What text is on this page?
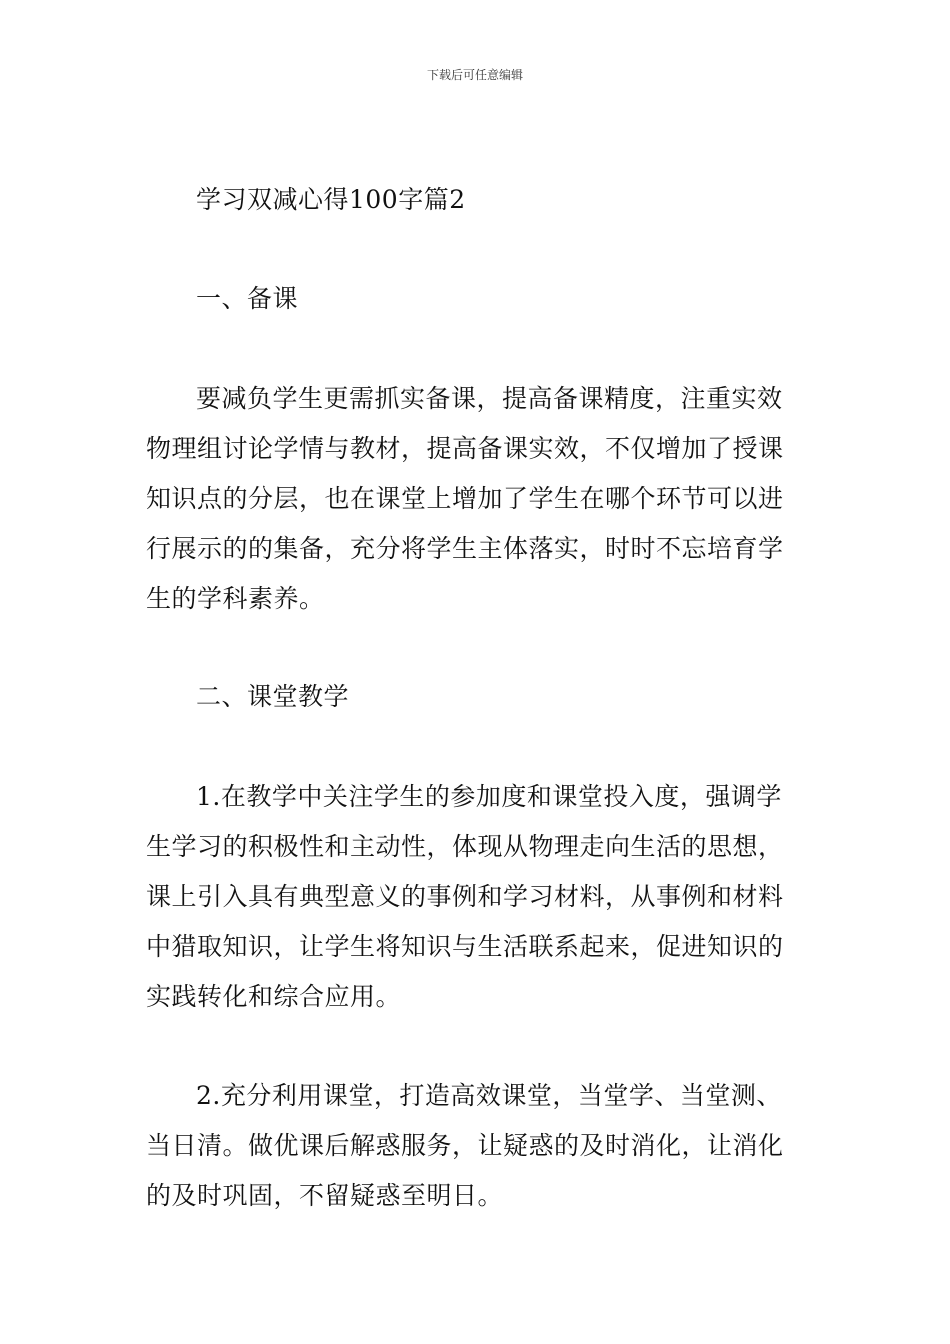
下载后可任意编辑
学习双减心得100字篇2
一、备课
要减负学生更需抓实备课，提高备课精度，注重实效
物理组讨论学情与教材，提高备课实效，不仅增加了授课
知识点的分层，也在课堂上增加了学生在哪个环节可以进
行展示的的集备，充分将学生主体落实，时时不忘培育学
生的学科素养。
二、课堂教学
1.在教学中关注学生的参加度和课堂投入度，强调学
生学习的积极性和主动性，体现从物理走向生活的思想，
课上引入具有典型意义的事例和学习材料，从事例和材料
中猎取知识，让学生将知识与生活联系起来，促进知识的
实践转化和综合应用。
2.充分利用课堂，打造高效课堂，当堂学、当堂测、
当日清。做优课后解惑服务，让疑惑的及时消化，让消化
的及时巩固，不留疑惑至明日。
